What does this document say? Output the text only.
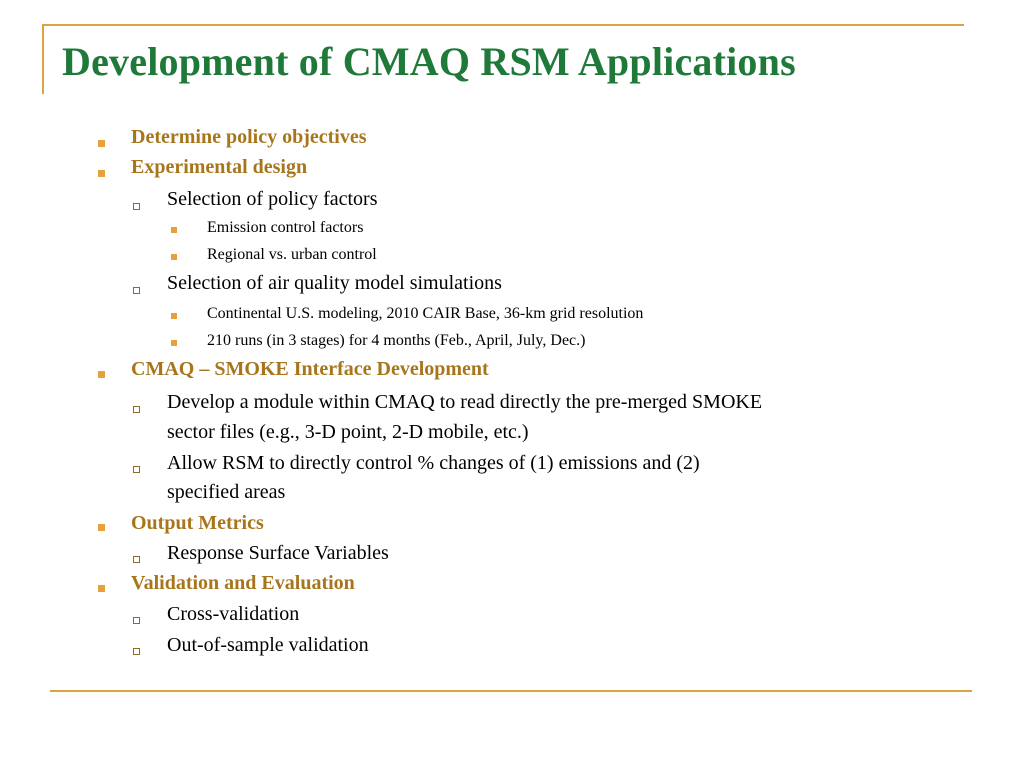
Development of CMAQ RSM Applications
Determine policy objectives
Experimental design
Selection of policy factors
Emission control factors
Regional vs. urban control
Selection of air quality model simulations
Continental U.S. modeling, 2010 CAIR Base, 36-km grid resolution
210 runs (in 3 stages) for 4 months (Feb., April, July, Dec.)
CMAQ – SMOKE Interface Development
Develop a module within CMAQ to read directly the pre-merged SMOKE
sector files (e.g., 3-D point, 2-D mobile, etc.)
Allow RSM to directly control % changes of (1) emissions and (2)
specified areas
Output Metrics
Response Surface Variables
Validation and Evaluation
Cross-validation
Out-of-sample validation
